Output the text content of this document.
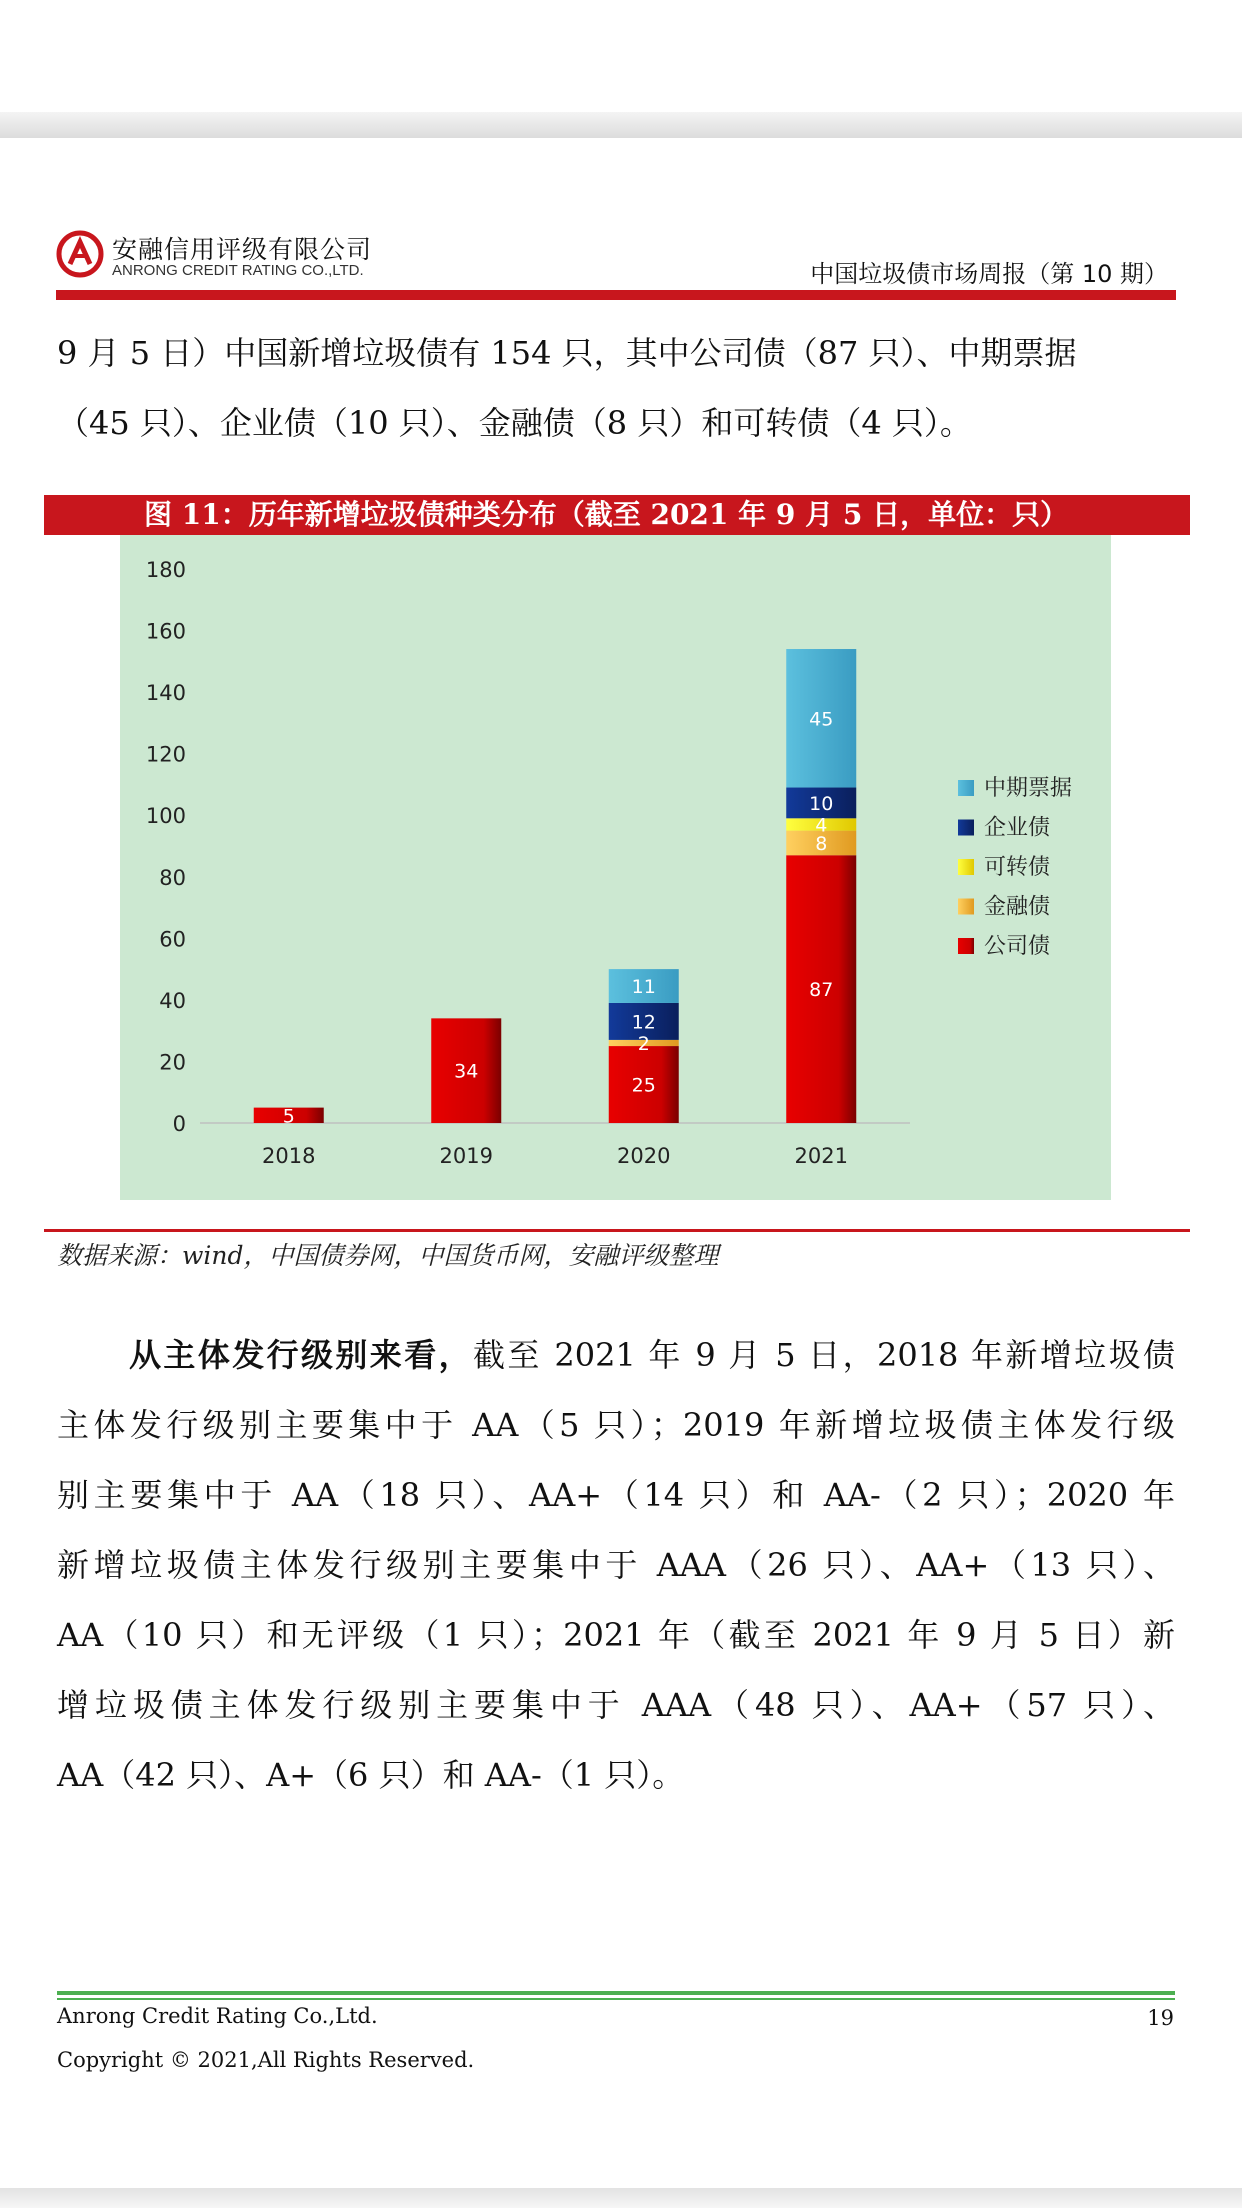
安融信用评级有限公司
ANRONG CREDIT RATING CO.,LTD.	中国垃圾债市场周报（第 10 期）

9 月 5 日）中国新增垃圾债有 154 只，其中公司债（87 只）、中期票据
（45 只）、企业债（10 只）、金融债（8 只）和可转债（4 只）。

图 11：历年新增垃圾债种类分布（截至 2021 年 9 月 5 日，单位：只）
0
20
40
60
80
100
120
140
160
180
2018	2019	2020	2021
5
34
25
2
12
11	87
8
4
10
45
中期票据
企业债
可转债
金融债
公司债
数据来源：wind，中国债券网，中国货币网，安融评级整理
从主体发行级别来看，截至 2021 年 9 月 5 日，2018 年新增垃圾债
主体发行级别主要集中于 AA（5 只）；2019 年新增垃圾债主体发行级
别主要集中于 AA（18 只）、AA+（14 只）和 AA-（2 只）；2020 年
新增垃圾债主体发行级别主要集中于 AAA（26 只）、AA+（13 只）、
AA（10 只）和无评级（1 只）；2021 年（截至 2021 年 9 月 5 日）新
增垃圾债主体发行级别主要集中于 AAA（48 只）、AA+（57 只）、
AA（42 只）、A+（6 只）和 AA-（1 只）。
Anrong Credit Rating Co.,Ltd.
Copyright © 2021,All Rights Reserved.
19
